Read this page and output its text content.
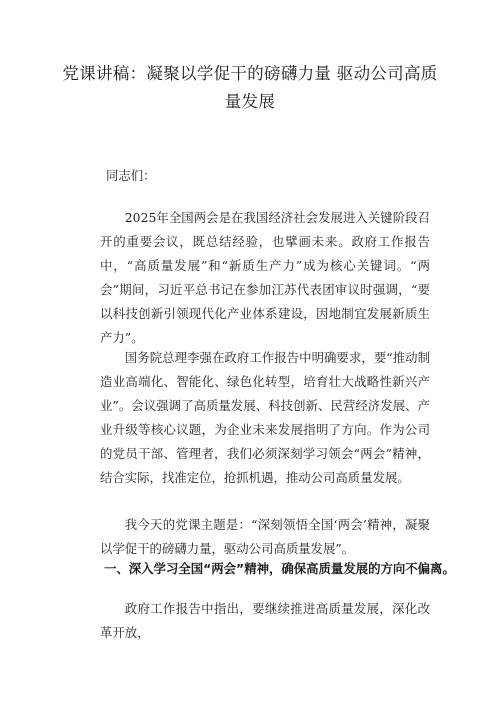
党课讲稿：凝聚以学促干的磅礴力量 驱动公司高质量发展
同志们：
2025年全国两会是在我国经济社会发展进入关键阶段召开的重要会议，既总结经验，也擘画未来。政府工作报告中，“高质量发展”和“新质生产力”成为核心关键词。“两会”期间，习近平总书记在参加江苏代表团审议时强调，“要以科技创新引领现代化产业体系建设，因地制宜发展新质生产力”。
国务院总理李强在政府工作报告中明确要求，要“推动制造业高端化、智能化、绿色化转型，培育壮大战略性新兴产业”。会议强调了高质量发展、科技创新、民营经济发展、产业升级等核心议题，为企业未来发展指明了方向。作为公司的党员干部、管理者，我们必须深刻学习领会“两会”精神，结合实际，找准定位，抢抓机遇，推动公司高质量发展。
我今天的党课主题是：“深刻领悟全国‘两会’精神，凝聚以学促干的磅礴力量，驱动公司高质量发展”。
一、深入学习全国“两会”精神，确保高质量发展的方向不偏离。
政府工作报告中指出，要继续推进高质量发展，深化改革开放，
